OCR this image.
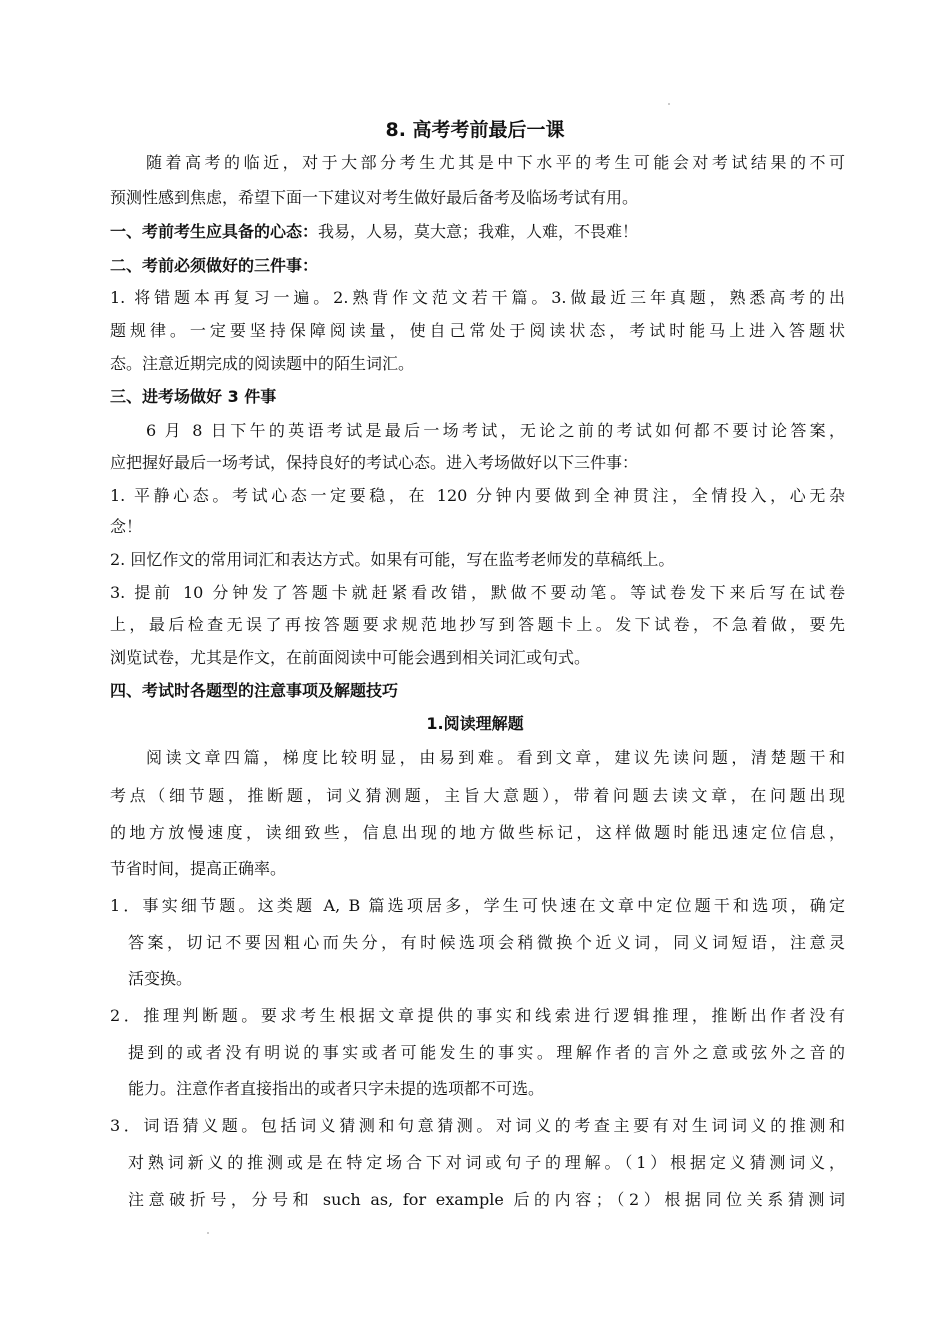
8. 高考考前最后一课
随着高考的临近，对于大部分考生尤其是中下水平的考生可能会对考试结果的不可
预测性感到焦虑，希望下面一下建议对考生做好最后备考及临场考试有用。
一、考前考生应具备的心态：我易，人易，莫大意；我难，人难，不畏难！
二、考前必须做好的三件事：
1. 将错题本再复习一遍。2.熟背作文范文若干篇。3.做最近三年真题，熟悉高考的出
题规律。一定要坚持保障阅读量，使自己常处于阅读状态，考试时能马上进入答题状
态。注意近期完成的阅读题中的陌生词汇。
三、进考场做好 3 件事
6 月 8 日下午的英语考试是最后一场考试，无论之前的考试如何都不要讨论答案，
应把握好最后一场考试，保持良好的考试心态。进入考场做好以下三件事：
1. 平静心态。考试心态一定要稳，在 120 分钟内要做到全神贯注，全情投入，心无杂
念！
2. 回忆作文的常用词汇和表达方式。如果有可能，写在监考老师发的草稿纸上。
3. 提前 10 分钟发了答题卡就赶紧看改错，默做不要动笔。等试卷发下来后写在试卷
上，最后检查无误了再按答题要求规范地抄写到答题卡上。发下试卷，不急着做，要先
浏览试卷，尤其是作文，在前面阅读中可能会遇到相关词汇或句式。
四、考试时各题型的注意事项及解题技巧
1.阅读理解题
阅读文章四篇，梯度比较明显，由易到难。看到文章，建议先读问题，清楚题干和
考点（细节题，推断题，词义猜测题，主旨大意题），带着问题去读文章，在问题出现
的地方放慢速度，读细致些，信息出现的地方做些标记，这样做题时能迅速定位信息，
节省时间，提高正确率。
1．事实细节题。这类题 A, B 篇选项居多，学生可快速在文章中定位题干和选项，确定
答案，切记不要因粗心而失分，有时候选项会稍微换个近义词，同义词短语，注意灵
活变换。
2．推理判断题。要求考生根据文章提供的事实和线索进行逻辑推理，推断出作者没有
提到的或者没有明说的事实或者可能发生的事实。理解作者的言外之意或弦外之音的
能力。注意作者直接指出的或者只字未提的选项都不可选。
3．词语猜义题。包括词义猜测和句意猜测。对词义的考查主要有对生词词义的推测和
对熟词新义的推测或是在特定场合下对词或句子的理解。（1）根据定义猜测词义，
注意破折号，分号和 such as, for example 后的内容；（2）根据同位关系猜测词
